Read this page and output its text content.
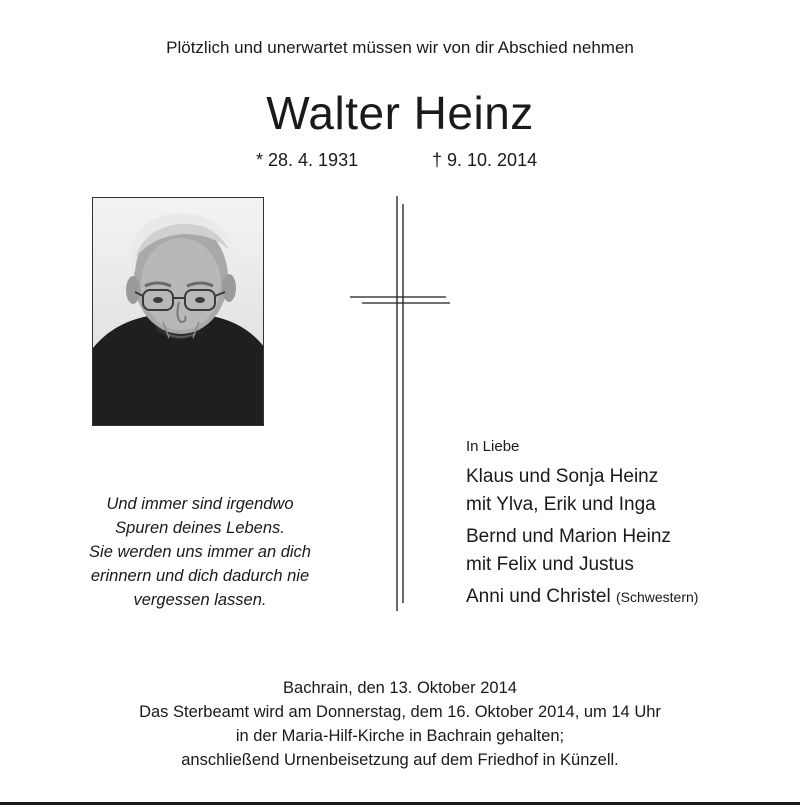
Plötzlich und unerwartet müssen wir von dir Abschied nehmen
Walter Heinz
* 28. 4. 1931	† 9. 10. 2014
Und immer sind irgendwo
Spuren deines Lebens.
Sie werden uns immer an dich
erinnern und dich dadurch nie
vergessen lassen.
In Liebe
Klaus und Sonja Heinz
mit Ylva, Erik und Inga
Bernd und Marion Heinz
mit Felix und Justus
Anni und Christel (Schwestern)
Bachrain, den 13. Oktober 2014
Das Sterbeamt wird am Donnerstag, dem 16. Oktober 2014, um 14 Uhr
in der Maria-Hilf-Kirche in Bachrain gehalten;
anschließend Urnenbeisetzung auf dem Friedhof in Künzell.
